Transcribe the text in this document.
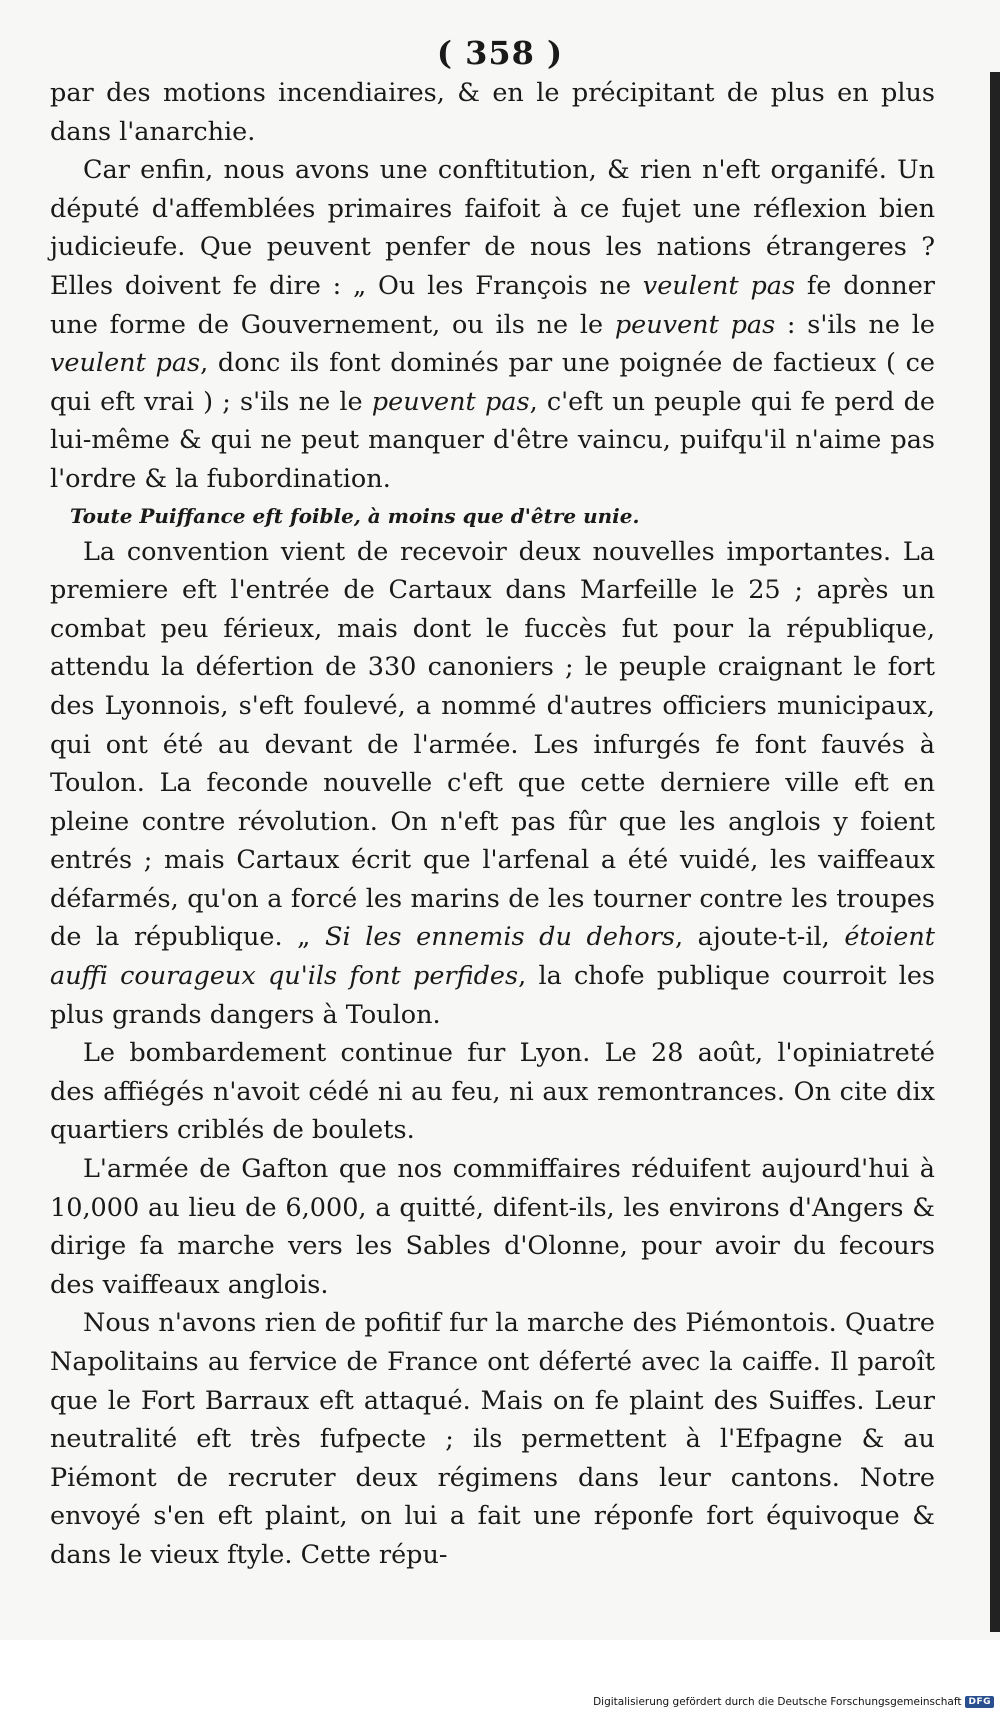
( 358 )

par des motions incendiaires, & en le précipitant de plus en plus dans l'anarchie.

Car enfin, nous avons une conftitution, & rien n'eft organifé. Un député d'affemblées primaires faifoit à ce fujet une réflexion bien judicieufe. Que peuvent penfer de nous les nations étrangeres ? Elles doivent fe dire : „ Ou les François ne veulent pas fe donner une forme de Gouvernement, ou ils ne le peuvent pas : s'ils ne le veulent pas, donc ils font dominés par une poignée de factieux ( ce qui eft vrai ) ; s'ils ne le peuvent pas, c'eft un peuple qui fe perd de lui-même & qui ne peut manquer d'être vaincu, puifqu'il n'aime pas l'ordre & la fubordination.

Toute Puiffance eft foible, à moins que d'être unie.

La convention vient de recevoir deux nouvelles importantes. La premiere eft l'entrée de Cartaux dans Marfeille le 25 ; après un combat peu férieux, mais dont le fuccès fut pour la république, attendu la défertion de 330 canoniers ; le peuple craignant le fort des Lyonnois, s'eft foulevé, a nommé d'autres officiers municipaux, qui ont été au devant de l'armée. Les infurgés fe font fauvés à Toulon. La feconde nouvelle c'eft que cette derniere ville eft en pleine contre révolution. On n'eft pas fûr que les anglois y foient entrés ; mais Cartaux écrit que l'arfenal a été vuidé, les vaiffeaux défarmés, qu'on a forcé les marins de les tourner contre les troupes de la république. „ Si les ennemis du dehors, ajoute-t-il, étoient auffi courageux qu'ils font perfides, la chofe publique courroit les plus grands dangers à Toulon.

Le bombardement continue fur Lyon. Le 28 août, l'opiniatreté des affiégés n'avoit cédé ni au feu, ni aux remontrances. On cite dix quartiers criblés de boulets.

L'armée de Gafton que nos commiffaires réduifent aujourd'hui à 10,000 au lieu de 6,000, a quitté, difent-ils, les environs d'Angers & dirige fa marche vers les Sables d'Olonne, pour avoir du fecours des vaiffeaux anglois.

Nous n'avons rien de pofitif fur la marche des Piémontois. Quatre Napolitains au fervice de France ont déferté avec la caiffe. Il paroît que le Fort Barraux eft attaqué. Mais on fe plaint des Suiffes. Leur neutralité eft très fufpecte ; ils permettent à l'Efpagne & au Piémont de recruter deux régimens dans leur cantons. Notre envoyé s'en eft plaint, on lui a fait une réponfe fort équivoque & dans le vieux ftyle. Cette répu-

Digitalisierung gefördert durch die Deutsche Forschungsgemeinschaft DFG
